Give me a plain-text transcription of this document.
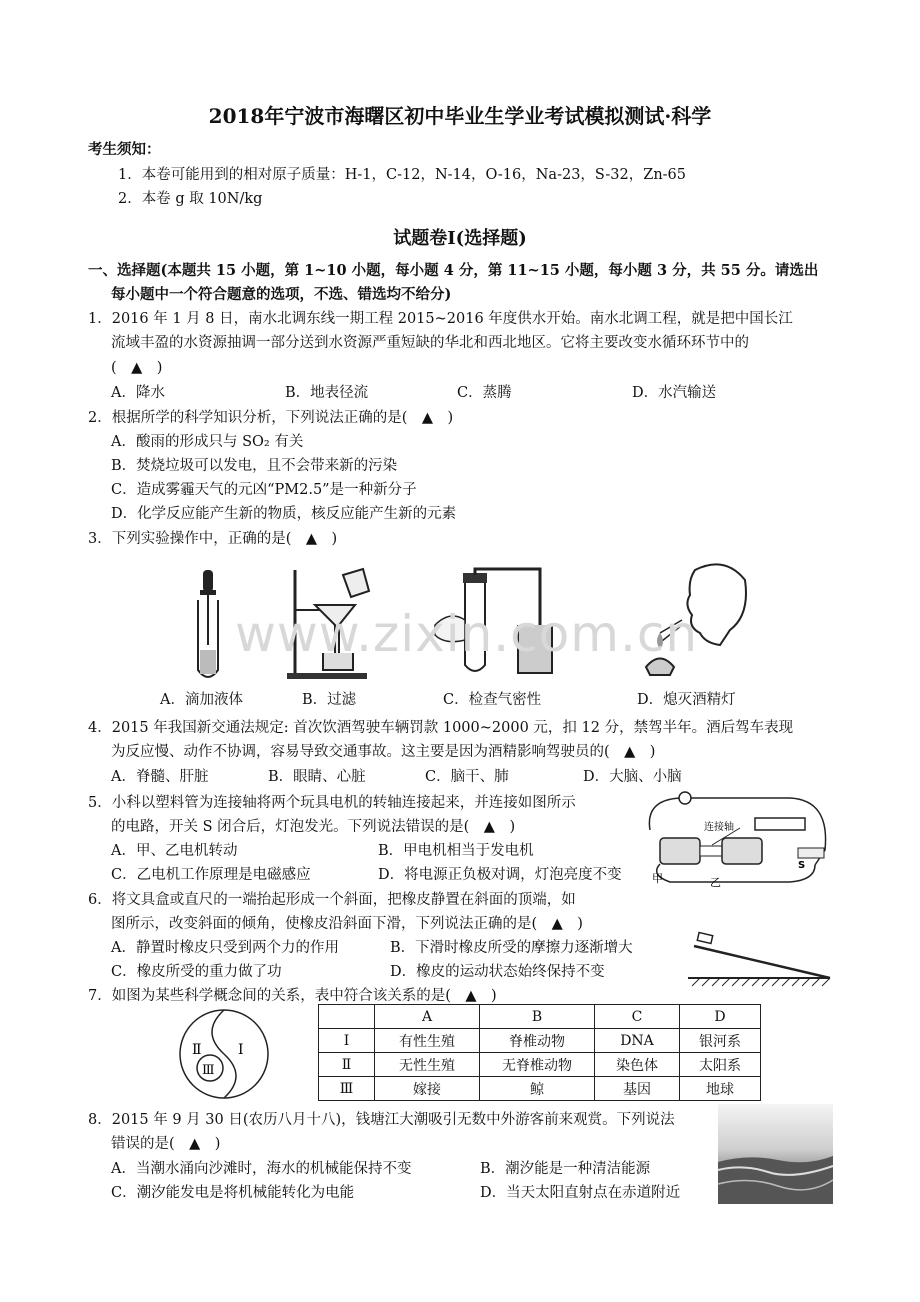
2018年宁波市海曙区初中毕业生学业考试模拟测试·科学
考生须知：
1．本卷可能用到的相对原子质量：H-1，C-12，N-14，O-16，Na-23，S-32，Zn-65
2．本卷 g 取 10N/kg
试题卷Ⅰ(选择题)
一、选择题(本题共 15 小题，第 1~10 小题，每小题 4 分，第 11~15 小题，每小题 3 分，共 55 分。请选出
每小题中一个符合题意的选项，不选、错选均不给分)
1．2016 年 1 月 8 日，南水北调东线一期工程 2015~2016 年度供水开始。南水北调工程，就是把中国长江
流域丰盈的水资源抽调一部分送到水资源严重短缺的华北和西北地区。它将主要改变水循环环节中的
(　▲　)
A．降水	B．地表径流	C．蒸腾	D．水汽输送
2．根据所学的科学知识分析，下列说法正确的是(　▲　)
A．酸雨的形成只与 SO₂ 有关
B．焚烧垃圾可以发电，且不会带来新的污染
C．造成雾霾天气的元凶“PM2.5”是一种新分子
D．化学反应能产生新的物质，核反应能产生新的元素
3．下列实验操作中，正确的是(　▲　)
www.zixin.com.cn
A．滴加液体	B．过滤	C．检查气密性	D．熄灭酒精灯
4．2015 年我国新交通法规定: 首次饮酒驾驶车辆罚款 1000~2000 元，扣 12 分，禁驾半年。酒后驾车表现
为反应慢、动作不协调，容易导致交通事故。这主要是因为酒精影响驾驶员的(　▲　)
A．脊髓、肝脏	B．眼睛、心脏	C．脑干、肺	D．大脑、小脑
5．小科以塑料管为连接轴将两个玩具电机的转轴连接起来，并连接如图所示
的电路，开关 S 闭合后，灯泡发光。下列说法错误的是(　▲　)
A．甲、乙电机转动	B．甲电机相当于发电机
C．乙电机工作原理是电磁感应	D．将电源正负极对调，灯泡亮度不变
连接轴
甲	乙
S
6．将文具盒或直尺的一端抬起形成一个斜面，把橡皮静置在斜面的顶端，如
图所示，改变斜面的倾角，使橡皮沿斜面下滑，下列说法正确的是(　▲　)
A．静置时橡皮只受到两个力的作用	B．下滑时橡皮所受的摩擦力逐渐增大
C．橡皮所受的重力做了功	D．橡皮的运动状态始终保持不变
7．如图为某些科学概念间的关系，表中符合该关系的是(　▲　)
Ⅱ	Ⅰ
Ⅲ
	A	B	C	D
Ⅰ	有性生殖	脊椎动物	DNA	银河系
Ⅱ	无性生殖	无脊椎动物	染色体	太阳系
Ⅲ	嫁接	鲸	基因	地球
8．2015 年 9 月 30 日(农历八月十八)，钱塘江大潮吸引无数中外游客前来观赏。下列说法
错误的是(　▲　)
A．当潮水涌向沙滩时，海水的机械能保持不变	B．潮汐能是一种清洁能源
C．潮汐能发电是将机械能转化为电能	D．当天太阳直射点在赤道附近
